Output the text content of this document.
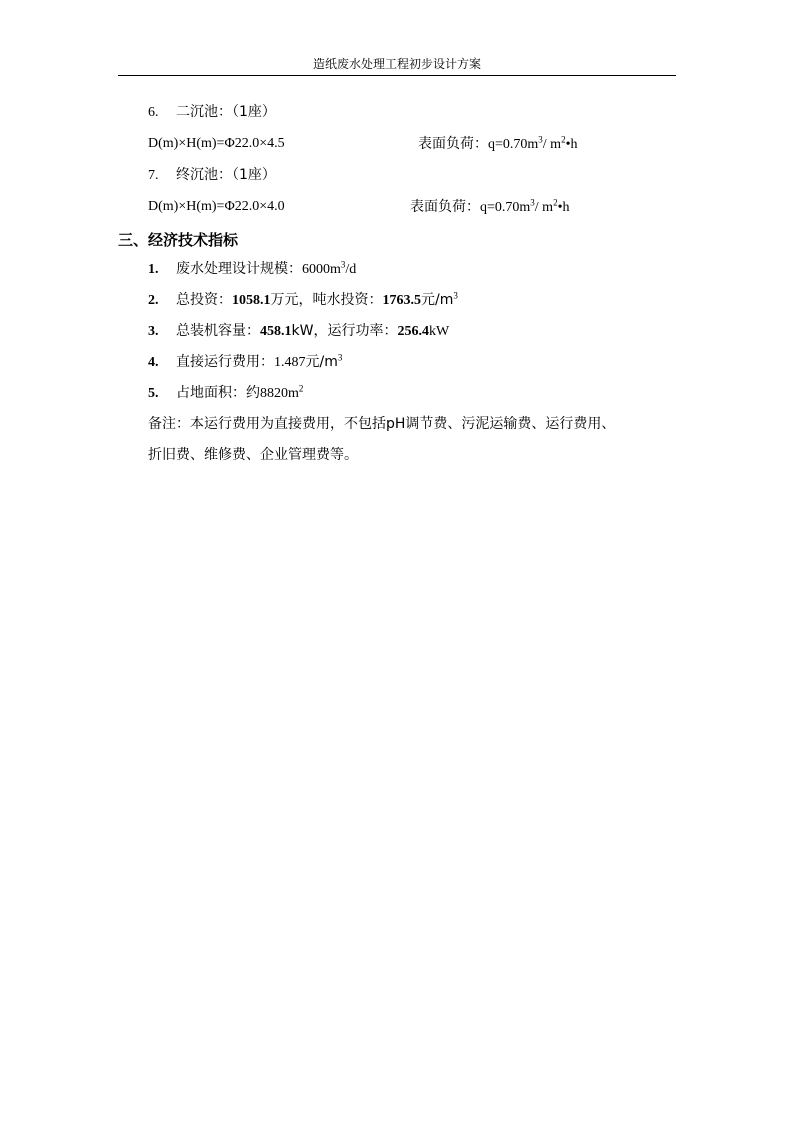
造纸废水处理工程初步设计方案
6. 二沉池：（1座）
D(m)×H(m)=Φ22.0×4.5	表面负荷：$q=0.70m^3/$ $m^2•h$
7. 终沉池：（1座）
D(m)×H(m)=Φ22.0×4.0	表面负荷：$q=0.70m^3/$ $m^2•h$
三、经济技术指标
1. 废水处理设计规模：$6000m^3/d$
2. 总投资：1058.1万元，吨水投资：1763.5元$/m^3$
3. 总装机容量：458.1kW，运行功率：256.4kW
4. 直接运行费用：1.487元$/m^3$
5. 占地面积：约$8820m^2$
备注：本运行费用为直接费用，不包括pH调节费、污泥运输费、运行费用、
折旧费、维修费、企业管理费等。
